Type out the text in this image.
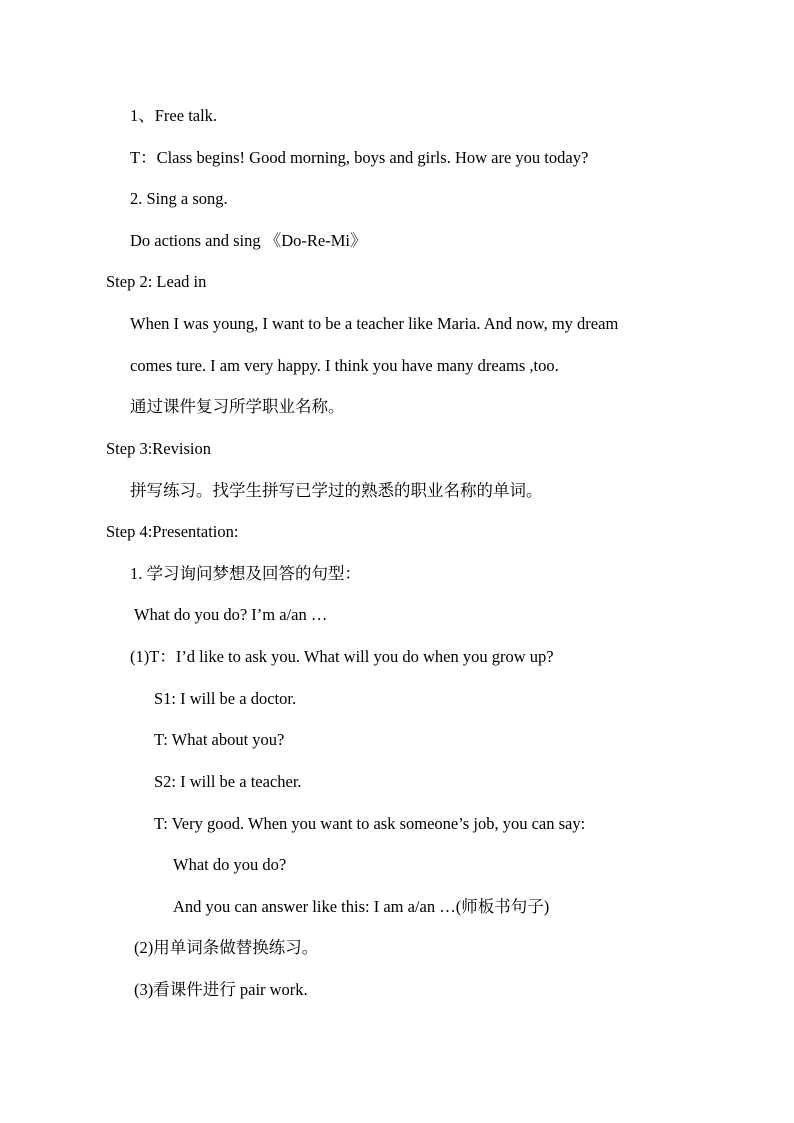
1、Free talk.
T：Class begins! Good morning, boys and girls. How are you today?
2. Sing a song.
Do actions and sing 《Do-Re-Mi》
Step 2: Lead in
When I was young, I want to be a teacher like Maria. And now, my dream
comes ture. I am very happy. I think you have many dreams ,too.
通过课件复习所学职业名称。
Step 3:Revision
拼写练习。找学生拼写已学过的熟悉的职业名称的单词。
Step 4:Presentation:
1. 学习询问梦想及回答的句型：
What do you do? I’m a/an …
(1)T：I’d like to ask you. What will you do when you grow up?
S1: I will be a doctor.
T: What about you?
S2: I will be a teacher.
T: Very good. When you want to ask someone’s job, you can say:
What do you do?
And you can answer like this: I am a/an …(师板书句子)
(2)用单词条做替换练习。
(3)看课件进行 pair work.
